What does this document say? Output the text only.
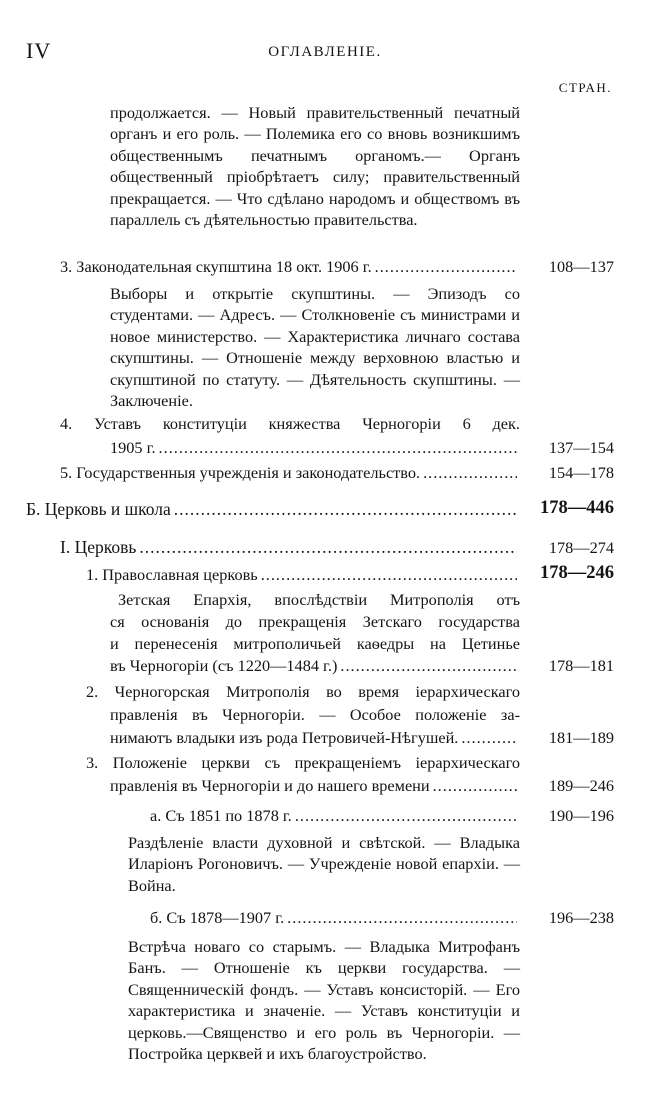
IV	ОГЛАВЛЕНІЕ.
СТРАН.

продолжается. — Новый правительственный печатный органъ и его роль. — Полемика его со вновь возникшимъ общественнымъ печатнымъ органомъ.— Органъ общественный пріобрѣтаетъ силу; правительственный прекращается. — Что сдѣлано народомъ и обществомъ въ параллель съ дѣятельностью правительства.

3. Законодательная скупштина 18 окт. 1906 г. .....	108—137

Выборы и открытіе скупштины. — Эпизодъ со студентами. — Адресъ. — Столкновеніе съ министрами и новое министерство. — Характеристика личнаго состава скупштины. — Отношеніе между верховною властью и скупштиной по статуту. — Дѣятельность скупштины. — Заключеніе.

4. Уставъ конституціи княжества Черногоріи 6 дек.
1905 г. .....	137—154
5. Государственныя учрежденія и законодательство. .....	154—178
Б. Церковь и школа .....	178—446
I. Церковь .....	178—274
1. Православная церковь .....	178—246
Зетская Епархія, впослѣдствіи Митрополія отъ
ся основанія до прекращенія Зетскаго государства
и перенесенія митрополичьей каѳедры на Цетинье
въ Черногоріи (съ 1220—1484 г.) .....	178—181
2. Черногорская Митрополія во время іерархическаго
правленія въ Черногоріи. — Особое положеніе за-
нимаютъ владыки изъ рода Петровичей-Нѣгушей. .....	181—189
3. Положеніе церкви съ прекращеніемъ іерархическаго
правленія въ Черногоріи и до нашего времени .....	189—246
а. Съ 1851 по 1878 г. .....	190—196

Раздѣленіе власти духовной и свѣтской. — Владыка Иларіонъ Рогоновичъ. — Учрежденіе новой епархіи. — Война.

б. Съ 1878—1907 г. .....	196—238

Встрѣча новаго со старымъ. — Владыка Митрофанъ Банъ. — Отношеніе къ церкви государства. — Священническій фондъ. — Уставъ консисторій. — Его характеристика и значеніе. — Уставъ конституціи и церковь.—Священство и его роль въ Черногоріи. — Постройка церквей и ихъ благоустройство.
